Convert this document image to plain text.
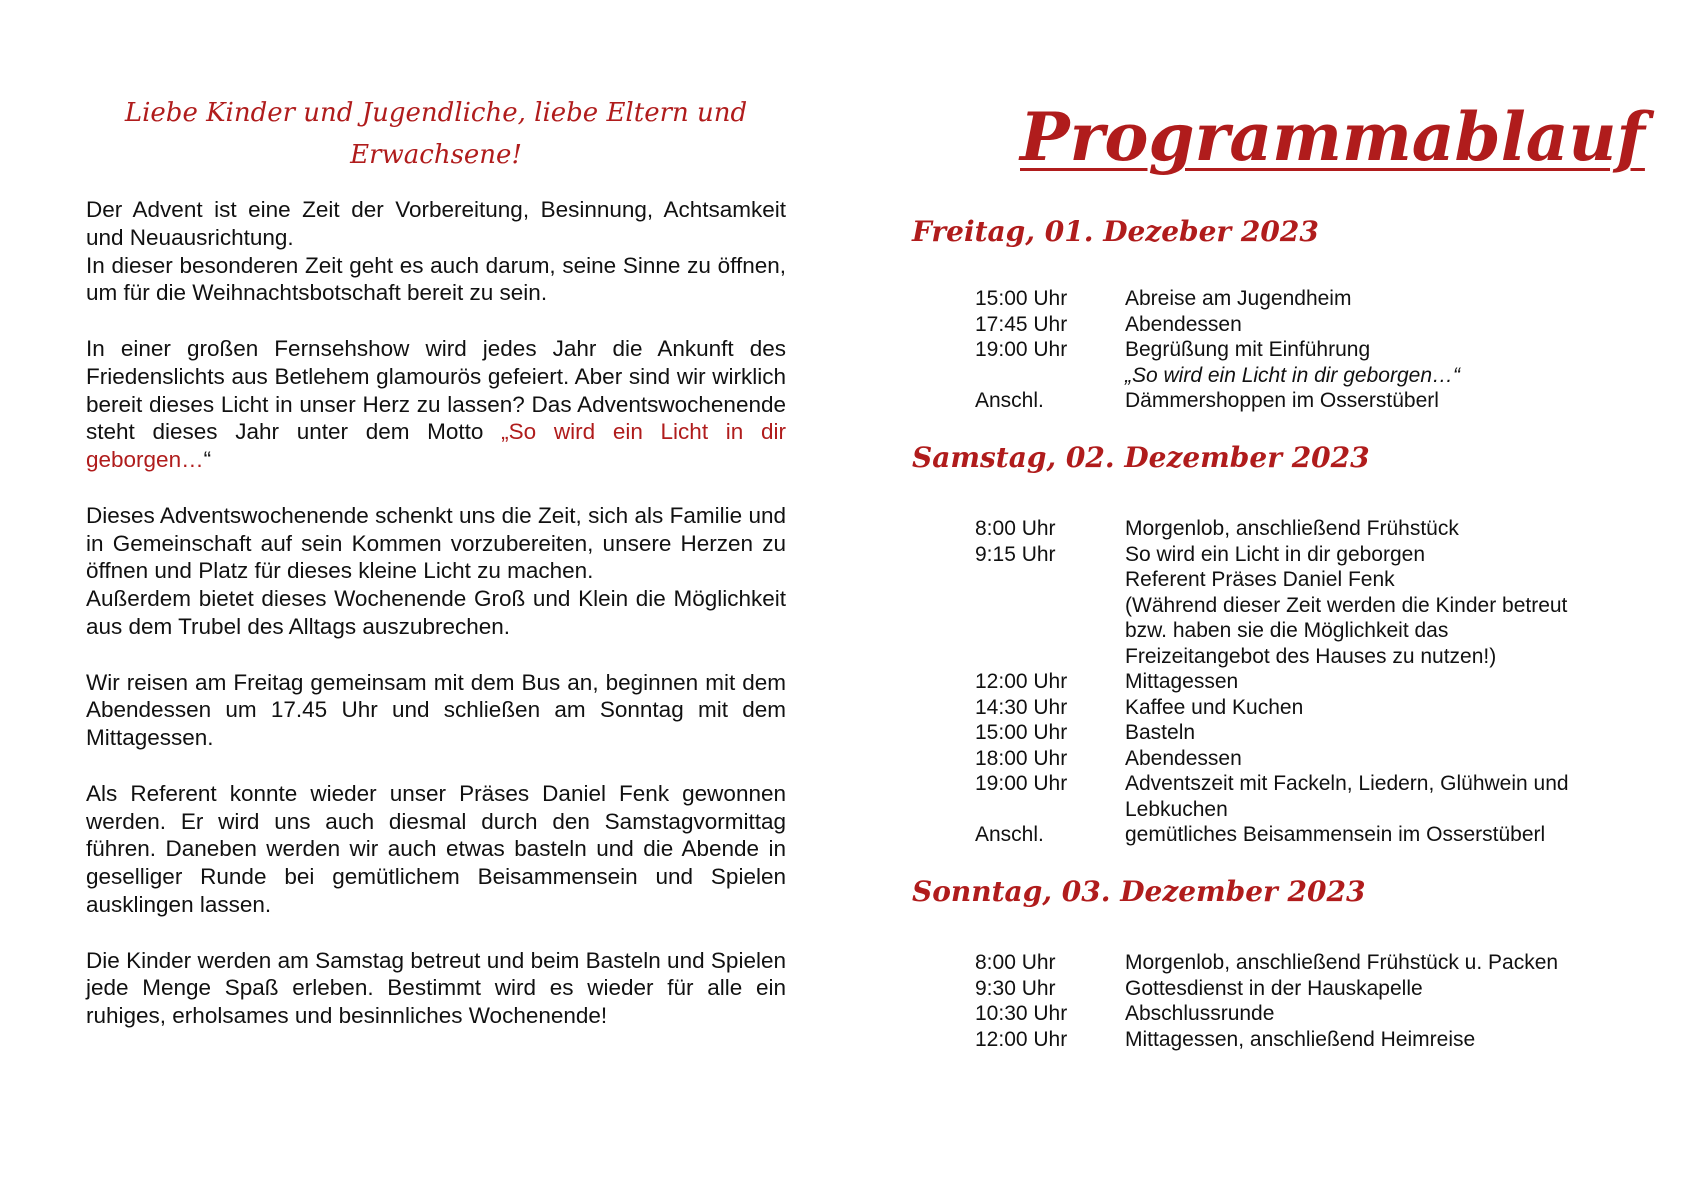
Liebe Kinder und Jugendliche, liebe Eltern und
Erwachsene!

Der Advent ist eine Zeit der Vorbereitung, Besinnung, Achtsamkeit und Neuausrichtung.

In dieser besonderen Zeit geht es auch darum, seine Sinne zu öffnen, um für die Weihnachtsbotschaft bereit zu sein.

In einer großen Fernsehshow wird jedes Jahr die Ankunft des Friedenslichts aus Betlehem glamourös gefeiert. Aber sind wir wirklich bereit dieses Licht in unser Herz zu lassen? Das Adventswochenende steht dieses Jahr unter dem Motto „So wird ein Licht in dir geborgen…“

Dieses Adventswochenende schenkt uns die Zeit, sich als Familie und in Gemeinschaft auf sein Kommen vorzubereiten, unsere Herzen zu öffnen und Platz für dieses kleine Licht zu machen.

Außerdem bietet dieses Wochenende Groß und Klein die Möglichkeit aus dem Trubel des Alltags auszubrechen.

Wir reisen am Freitag gemeinsam mit dem Bus an, beginnen mit dem Abendessen um 17.45 Uhr und schließen am Sonntag mit dem Mittagessen.

Als Referent konnte wieder unser Präses Daniel Fenk gewonnen werden. Er wird uns auch diesmal durch den Samstagvormittag führen. Daneben werden wir auch etwas basteln und die Abende in geselliger Runde bei gemütlichem Beisammensein und Spielen ausklingen lassen.

Die Kinder werden am Samstag betreut und beim Basteln und Spielen jede Menge Spaß erleben. Bestimmt wird es wieder für alle ein ruhiges, erholsames und besinnliches Wochenende!

Programmablauf
Freitag, 01. Dezeber 2023
15:00 Uhr	Abreise am Jugendheim
17:45 Uhr	Abendessen
19:00 Uhr	Begrüßung mit Einführung
	„So wird ein Licht in dir geborgen…“
Anschl.	Dämmershoppen im Osserstüberl
Samstag, 02. Dezember 2023
8:00 Uhr	Morgenlob, anschließend Frühstück
9:15 Uhr	So wird ein Licht in dir geborgen
	Referent Präses Daniel Fenk
	(Während dieser Zeit werden die Kinder betreut
	bzw. haben sie die Möglichkeit das
	Freizeitangebot des Hauses zu nutzen!)
12:00 Uhr	Mittagessen
14:30 Uhr	Kaffee und Kuchen
15:00 Uhr	Basteln
18:00 Uhr	Abendessen
19:00 Uhr	Adventszeit mit Fackeln, Liedern, Glühwein und
	Lebkuchen
Anschl.	gemütliches Beisammensein im Osserstüberl
Sonntag, 03. Dezember 2023
8:00 Uhr	Morgenlob, anschließend Frühstück u. Packen
9:30 Uhr	Gottesdienst in der Hauskapelle
10:30 Uhr	Abschlussrunde
12:00 Uhr	Mittagessen, anschließend Heimreise
